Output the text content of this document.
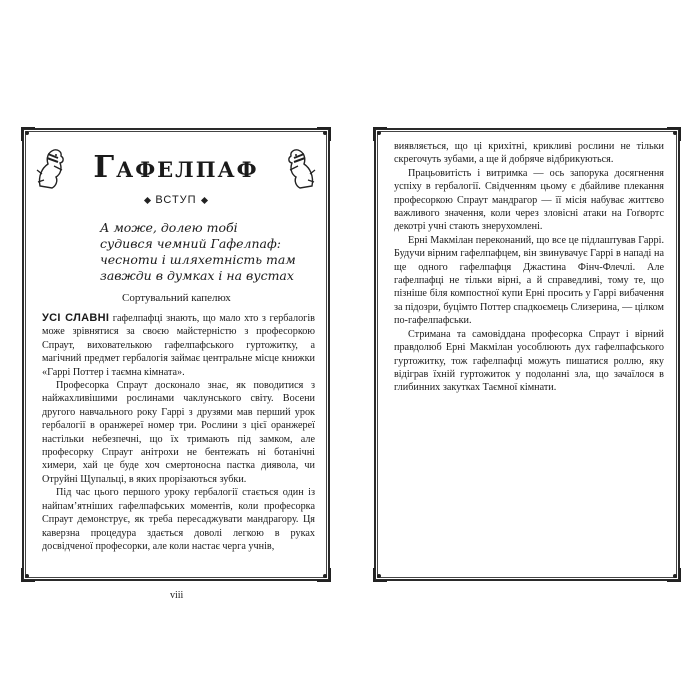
Гафелпаф
ВСТУП
А може, долею тобі
судився чемний Гафелпаф:
чесноти і шляхетність там
завжди в думках і на вустах
Сортувальний капелюх

УСІ СЛАВНІ гафелпафці знають, що мало хто з гербалогів може зрівнятися за своєю майстерністю з професоркою Спраут, вихователькою гафелпафського гуртожитку, а магічний предмет гербалогія займає центральне місце книжки «Гаррі Поттер і таємна кімната».

Професорка Спраут досконало знає, як поводитися з найжахливішими рослинами чаклунського світу. Восени другого навчального року Гаррі з друзями мав перший урок гербалогії в оранжереї номер три. Рослини з цієї оранжереї настільки небезпечні, що їх тримають під замком, але професорку Спраут анітрохи не бентежать ні ботанічні химери, хай це буде хоч смертоносна пастка диявола, чи Отруйні Щупальці, в яких прорізаються зубки.

Під час цього першого уроку гербалогії стається один із найпам’ятніших гафелпафських моментів, коли професорка Спраут демонструє, як треба пересаджувати мандрагору. Ця каверзна процедура здається доволі легкою в руках досвідченої професорки, але коли настає черга учнів,

viii

виявляється, що ці крихітні, крикливі рослини не тільки скрегочуть зубами, а ще й добряче відбрикуються.

Працьовитість і витримка — ось запорука досягнення успіху в гербалогії. Свідченням цьому є дбайливе плекання професоркою Спраут мандрагор — її місія набуває життєво важливого значення, коли через зловісні атаки на Гоґвортс декотрі учні стають знерухомлені.

Ерні Макмілан переконаний, що все це підлаштував Гаррі. Будучи вірним гафелпафцем, він звинувачує Гаррі в нападі на ще одного гафелпафця Джастина Фінч-Флечлі. Але гафелпафці не тільки вірні, а й справедливі, тому те, що пізніше біля компостної купи Ерні просить у Гаррі вибачення за підозри, буцімто Поттер спадкоємець Слизерина, — цілком по-гафелпафськи.

Стримана та самовіддана професорка Спраут і вірний правдолюб Ерні Макмілан уособлюють дух гафелпафського гуртожитку, тож гафелпафці можуть пишатися роллю, яку відіграв їхній гуртожиток у подоланні зла, що зачаїлося в глибинних закутках Таємної кімнати.
